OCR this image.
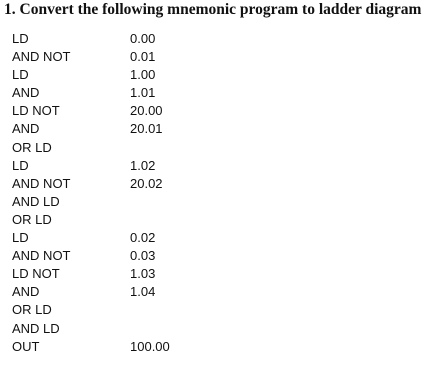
1. Convert the following mnemonic program to ladder diagram
LD	0.00
AND NOT	0.01
LD	1.00
AND	1.01
LD NOT	20.00
AND	20.01
OR LD
LD	1.02
AND NOT	20.02
AND LD
OR LD
LD	0.02
AND NOT	0.03
LD NOT	1.03
AND	1.04
OR LD
AND LD
OUT	100.00
